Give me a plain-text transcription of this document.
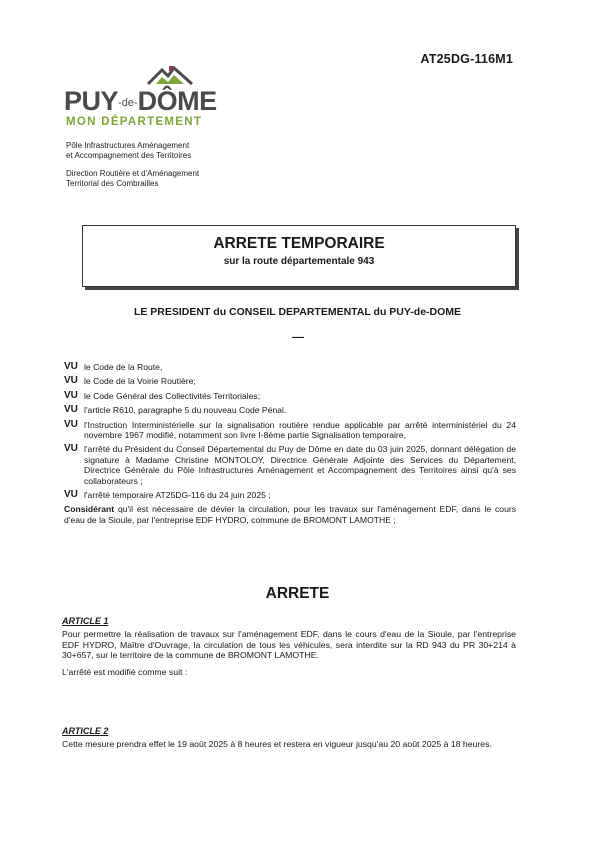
AT25DG-116M1
PUY-de-DÔME
MON DÉPARTEMENT
Pôle Infrastructures Aménagement
et Accompagnement des Territoires
Direction Routière et d'Aménagement
Territorial des Combrailles
ARRETE TEMPORAIRE
sur la route départementale 943
LE PRESIDENT du CONSEIL DEPARTEMENTAL du PUY-de-DOME
------
VU le Code de la Route,
VU le Code de la Voirie Routière;
VU le Code Général des Collectivités Territoriales;
VU l'article R610, paragraphe 5 du nouveau Code Pénal.
VU l'Instruction Interministérielle sur la signalisation routière rendue applicable par arrêté interministériel du 24 novembre 1967 modifié, notamment son livre I-8ème partie Signalisation temporaire,
VU l'arrêté du Président du Conseil Départemental du Puy de Dôme en date du 03 juin 2025, donnant délégation de signature à Madame Christine MONTOLOY, Directrice Générale Adjointe des Services du Département, Directrice Générale du Pôle Infrastructures Aménagement et Accompagnement des Territoires ainsi qu'à ses collaborateurs ;
VU l'arrêté temporaire AT25DG-116 du 24 juin 2025 ;
Considérant qu'il est nécessaire de dévier la circulation, pour les travaux sur l'aménagement EDF, dans le cours d'eau de la Sioule, par l'entreprise EDF HYDRO, commune de BROMONT LAMOTHE ;
ARRETE
ARTICLE 1

Pour permettre la réalisation de travaux sur l'aménagement EDF, dans le cours d'eau de la Sioule, par l'entreprise EDF HYDRO, Maître d'Ouvrage, la circulation de tous les véhicules, sera interdite sur la RD 943 du PR 30+214 à 30+657, sur le territoire de la commune de BROMONT LAMOTHE.

L'arrêté est modifié comme suit :

ARTICLE 2

Cette mesure prendra effet le 19 août 2025 à 8 heures et restera en vigueur jusqu'au 20 août 2025 à 18 heures.
